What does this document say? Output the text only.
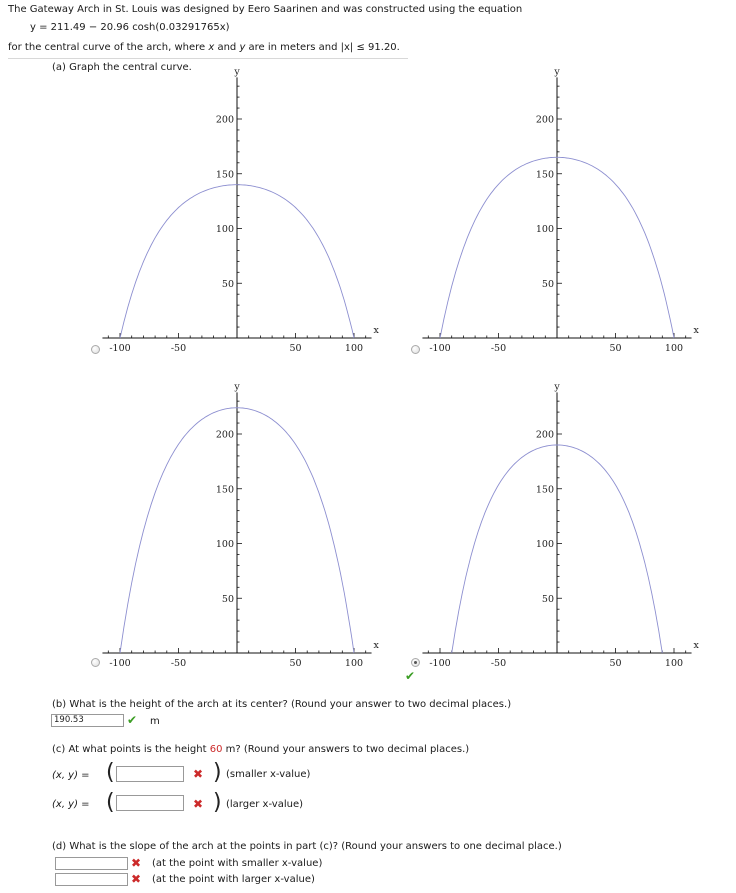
The Gateway Arch in St. Louis was designed by Eero Saarinen and was constructed using the equation
y = 211.49 − 20.96 cosh(0.03291765x)
for the central curve of the arch, where x and y are in meters and |x| ≤ 91.20.
(a) Graph the central curve.
-100	-50	50	100
50
100
150
200
x
y
-100	-50	50	100
50
100
150
200
x
y
-100	-50	50	100
50
100
150
200
x
y
-100	-50	50	100
50
100
150
200
x
y
✔
(b) What is the height of the arch at its center? (Round your answer to two decimal places.)
190.53	✔ m
(c) At what points is the height 60 m? (Round your answers to two decimal places.)
(x, y) = (	✖ ) (smaller x-value)
(x, y) = (	✖ ) (larger x-value)
(d) What is the slope of the arch at the points in part (c)? (Round your answers to one decimal place.)
✖ (at the point with smaller x-value)
✖ (at the point with larger x-value)
